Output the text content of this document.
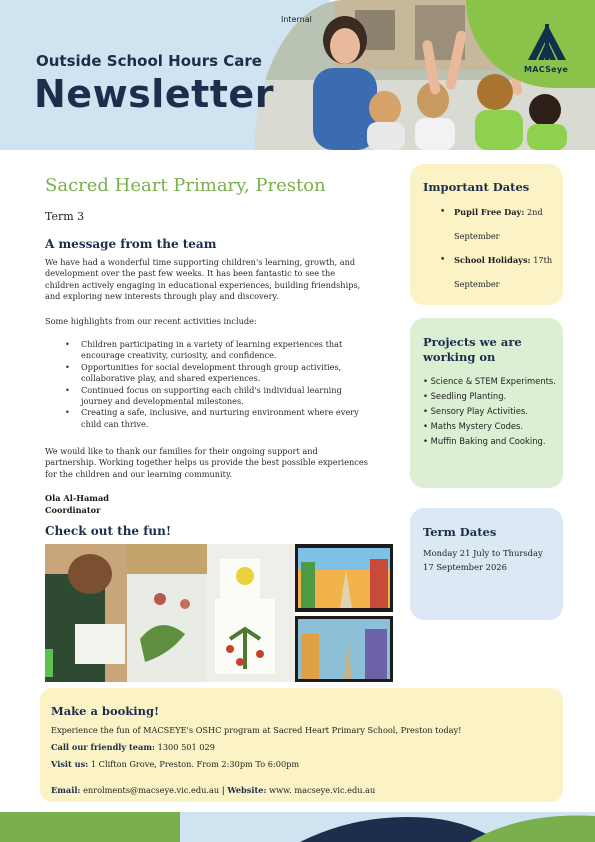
Internal
Outside School Hours Care
Newsletter
MACSeye
Sacred Heart Primary, Preston
Term 3
A message from the team

We have had a wonderful time supporting children's learning, growth, and development over the past few weeks. It has been fantastic to see the children actively engaging in educational experiences, building friendships, and exploring new interests through play and discovery.

Some highlights from our recent activities include:

• Children participating in a variety of learning experiences that encourage creativity, curiosity, and confidence.
• Opportunities for social development through group activities, collaborative play, and shared experiences.
• Continued focus on supporting each child's individual learning journey and developmental milestones.
• Creating a safe, inclusive, and nurturing environment where every child can thrive.

We would like to thank our families for their ongoing support and partnership. Working together helps us provide the best possible experiences for the children and our learning community.

Ola Al-Hamad
Coordinator
Check out the fun!
Important Dates
• Pupil Free Day: 2nd September
• School Holidays: 17th September
Projects we are working on
• Science & STEM Experiments.
• Seedling Planting.
• Sensory Play Activities.
• Maths Mystery Codes.
• Muffin Baking and Cooking.
Term Dates
Monday 21 July to Thursday 17 September 2026
Make a booking!
Experience the fun of MACSEYE's OSHC program at Sacred Heart Primary School, Preston today!
Call our friendly team: 1300 501 029
Visit us: 1 Clifton Grove, Preston. From 2:30pm To 6:00pm
Email: enrolments@macseye.vic.edu.au | Website: www. macseye.vic.edu.au
